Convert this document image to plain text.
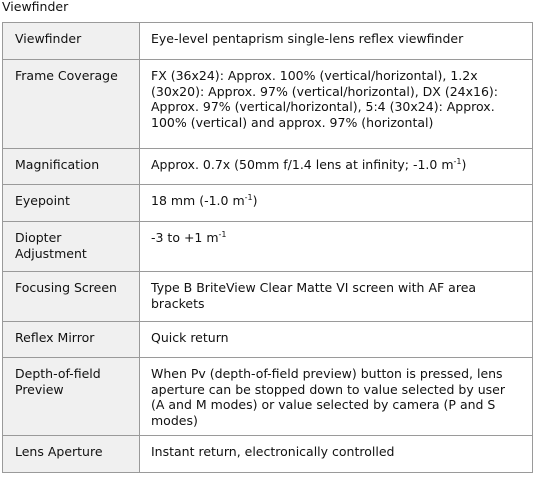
Viewfinder
Viewfinder	Eye-level pentaprism single-lens reflex viewfinder
Frame Coverage	FX (36x24): Approx. 100% (vertical/horizontal), 1.2x (30x20): Approx. 97% (vertical/horizontal), DX (24x16): Approx. 97% (vertical/horizontal), 5:4 (30x24): Approx. 100% (vertical) and approx. 97% (horizontal)
Magnification	Approx. 0.7x (50mm f/1.4 lens at infinity; -1.0 $m^{-1}$)
Eyepoint	18 mm (-1.0 $m^{-1}$)
Diopter Adjustment	-3 to +1 $m^{-1}$
Focusing Screen	Type B BriteView Clear Matte VI screen with AF area brackets
Reflex Mirror	Quick return
Depth-of-field Preview	When Pv (depth-of-field preview) button is pressed, lens aperture can be stopped down to value selected by user (A and M modes) or value selected by camera (P and S modes)
Lens Aperture	Instant return, electronically controlled
